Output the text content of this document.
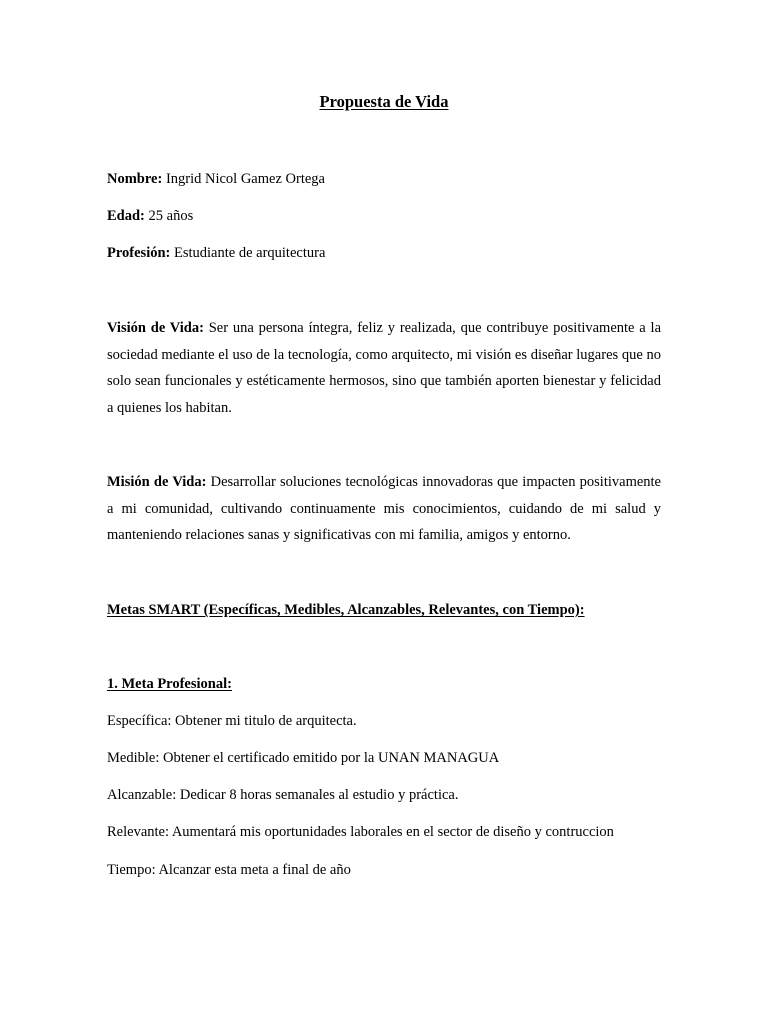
Propuesta de Vida

Nombre: Ingrid Nicol Gamez Ortega

Edad: 25 años

Profesión: Estudiante de arquitectura

Visión de Vida: Ser una persona íntegra, feliz y realizada, que contribuye positivamente a la sociedad mediante el uso de la tecnología, como arquitecto, mi visión es diseñar lugares que no solo sean funcionales y estéticamente hermosos, sino que también aporten bienestar y felicidad a quienes los habitan.

Misión de Vida: Desarrollar soluciones tecnológicas innovadoras que impacten positivamente a mi comunidad, cultivando continuamente mis conocimientos, cuidando de mi salud y manteniendo relaciones sanas y significativas con mi familia, amigos y entorno.

Metas SMART (Específicas, Medibles, Alcanzables, Relevantes, con Tiempo):

1. Meta Profesional:

Específica: Obtener mi titulo de arquitecta.

Medible: Obtener el certificado emitido por la UNAN MANAGUA

Alcanzable: Dedicar 8 horas semanales al estudio y práctica.

Relevante: Aumentará mis oportunidades laborales en el sector de diseño y contruccion

Tiempo: Alcanzar esta meta a final de año
